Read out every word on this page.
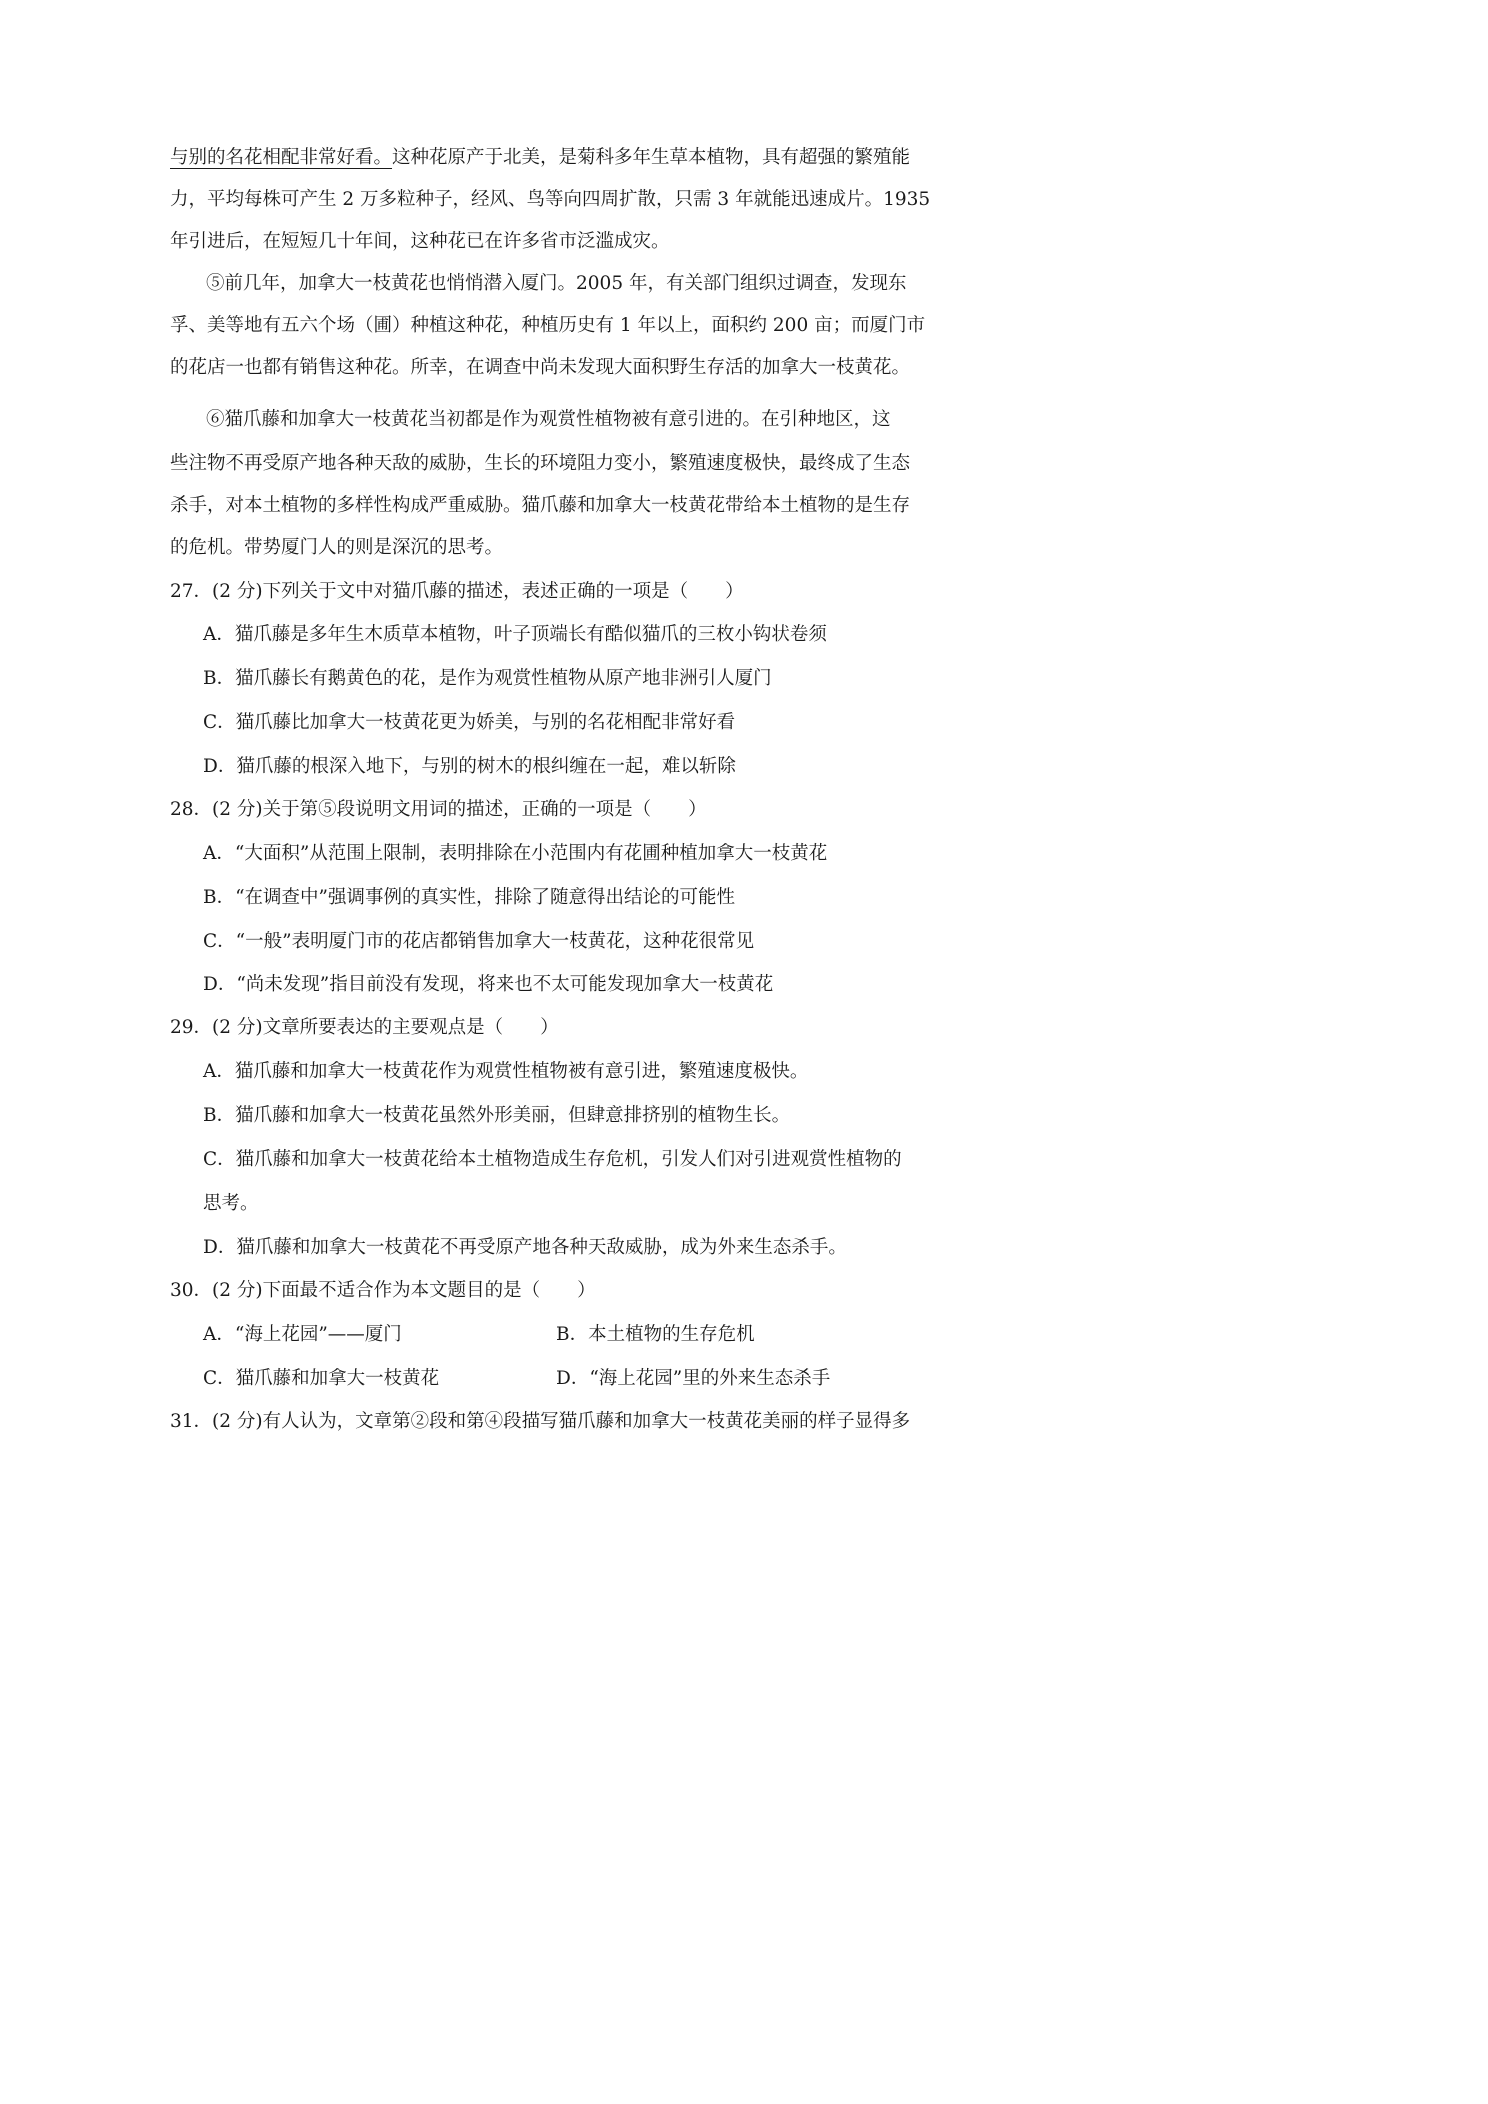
与别的名花相配非常好看。这种花原产于北美，是菊科多年生草本植物，具有超强的繁殖能
力，平均每株可产生 2 万多粒种子，经风、鸟等向四周扩散，只需 3 年就能迅速成片。1935
年引进后，在短短几十年间，这种花已在许多省市泛滥成灾。
⑤前几年，加拿大一枝黄花也悄悄潜入厦门。2005 年，有关部门组织过调查，发现东
孚、美等地有五六个场（圃）种植这种花，种植历史有 1 年以上，面积约 200 亩；而厦门市
的花店一也都有销售这种花。所幸，在调查中尚未发现大面积野生存活的加拿大一枝黄花。
⑥猫爪藤和加拿大一枝黄花当初都是作为观赏性植物被有意引进的。在引种地区，这
些注物不再受原产地各种天敌的威胁，生长的环境阻力变小，繁殖速度极快，最终成了生态
杀手，对本土植物的多样性构成严重威胁。猫爪藤和加拿大一枝黄花带给本土植物的是生存
的危机。带势厦门人的则是深沉的思考。
27．(2 分)下列关于文中对猫爪藤的描述，表述正确的一项是（　　）
A．猫爪藤是多年生木质草本植物，叶子顶端长有酷似猫爪的三枚小钩状卷须
B．猫爪藤长有鹅黄色的花，是作为观赏性植物从原产地非洲引人厦门
C．猫爪藤比加拿大一枝黄花更为娇美，与别的名花相配非常好看
D．猫爪藤的根深入地下，与别的树木的根纠缠在一起，难以斩除
28．(2 分)关于第⑤段说明文用词的描述，正确的一项是（　　）
A．“大面积”从范围上限制，表明排除在小范围内有花圃种植加拿大一枝黄花
B．“在调查中”强调事例的真实性，排除了随意得出结论的可能性
C．“一般”表明厦门市的花店都销售加拿大一枝黄花，这种花很常见
D．“尚未发现”指目前没有发现，将来也不太可能发现加拿大一枝黄花
29．(2 分)文章所要表达的主要观点是（　　）
A．猫爪藤和加拿大一枝黄花作为观赏性植物被有意引进，繁殖速度极快。
B．猫爪藤和加拿大一枝黄花虽然外形美丽，但肆意排挤别的植物生长。
C．猫爪藤和加拿大一枝黄花给本土植物造成生存危机，引发人们对引进观赏性植物的
思考。
D．猫爪藤和加拿大一枝黄花不再受原产地各种天敌威胁，成为外来生态杀手。
30．(2 分)下面最不适合作为本文题目的是（　　）
A．“海上花园”——厦门	B．本土植物的生存危机
C．猫爪藤和加拿大一枝黄花	D．“海上花园”里的外来生态杀手
31．(2 分)有人认为，文章第②段和第④段描写猫爪藤和加拿大一枝黄花美丽的样子显得多
